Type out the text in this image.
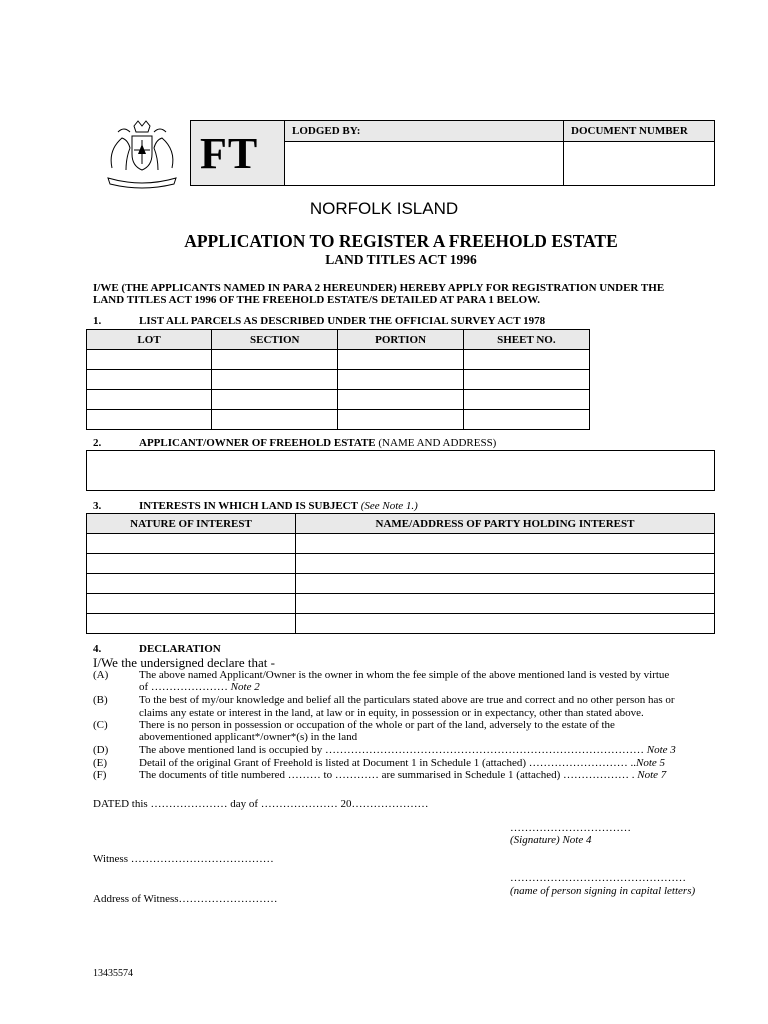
FT	LODGED BY:	DOCUMENT NUMBER
NORFOLK ISLAND
APPLICATION TO REGISTER A FREEHOLD ESTATE
LAND TITLES ACT 1996
I/WE (THE APPLICANTS NAMED IN PARA 2 HEREUNDER) HEREBY APPLY FOR REGISTRATION UNDER THE
LAND TITLES ACT 1996 OF THE FREEHOLD ESTATE/S DETAILED AT PARA 1 BELOW.
1.	LIST ALL PARCELS AS DESCRIBED UNDER THE OFFICIAL SURVEY ACT 1978
LOT	SECTION	PORTION	SHEET NO.

2.	APPLICANT/OWNER OF FREEHOLD ESTATE (NAME AND ADDRESS)
3.	INTERESTS IN WHICH LAND IS SUBJECT (See Note 1.)
NATURE OF INTEREST	NAME/ADDRESS OF PARTY HOLDING INTEREST

4.	DECLARATION
I/We the undersigned declare that -
(A)	The above named Applicant/Owner is the owner in whom the fee simple of the above mentioned land is vested by virtue
of ………………… Note 2
(B)	To the best of my/our knowledge and belief all the particulars stated above are true and correct and no other person has or
claims any estate or interest in the land, at law or in equity, in possession or in expectancy, other than stated above.
(C)	There is no person in possession or occupation of the whole or part of the land, adversely to the estate of the
abovementioned applicant*/owner*(s) in the land
(D)	The above mentioned land is occupied by …………………………………………………………………………… Note 3
(E)	Detail of the original Grant of Freehold is listed at Document 1 in Schedule 1 (attached) ……………………… ..Note 5
(F)	The documents of title numbered ……… to ………… are summarised in Schedule 1 (attached) ……………… . Note 7
DATED this ………………… day of ………………… 20…………………
……………………………
(Signature) Note 4
Witness …………………………………
…………………………………………
(name of person signing in capital letters)
Address of Witness………………………
13435574
